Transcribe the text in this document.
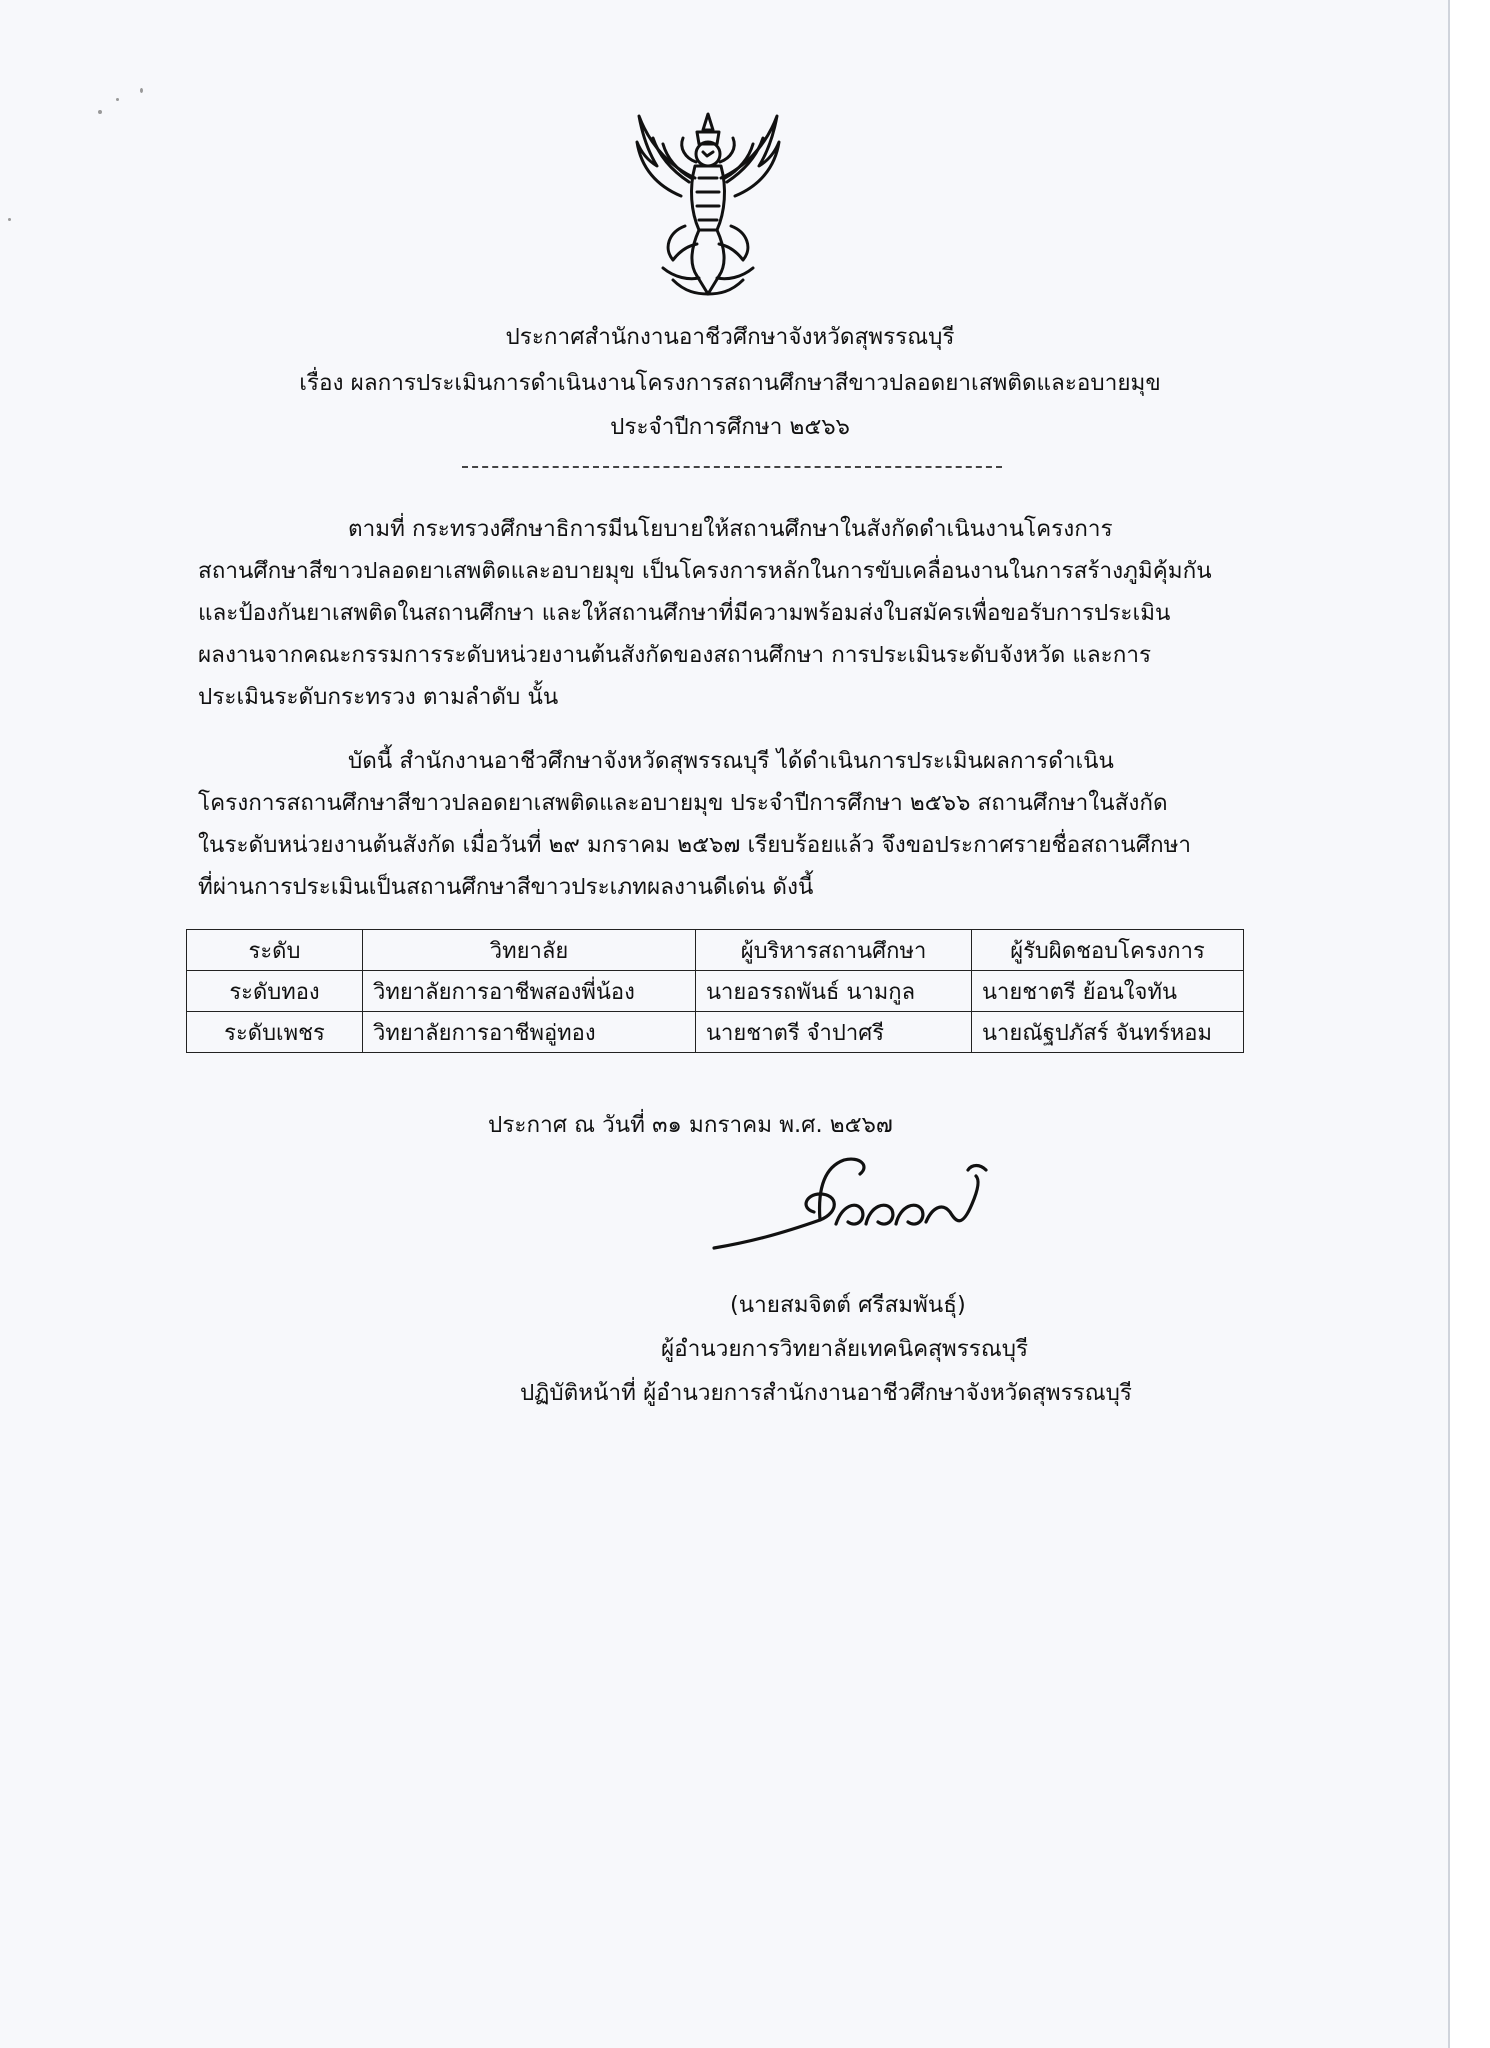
ประกาศสำนักงานอาชีวศึกษาจังหวัดสุพรรณบุรี
เรื่อง ผลการประเมินการดำเนินงานโครงการสถานศึกษาสีขาวปลอดยาเสพติดและอบายมุข
ประจำปีการศึกษา ๒๕๖๖
ตามที่ กระทรวงศึกษาธิการมีนโยบายให้สถานศึกษาในสังกัดดำเนินงานโครงการ
สถานศึกษาสีขาวปลอดยาเสพติดและอบายมุข เป็นโครงการหลักในการขับเคลื่อนงานในการสร้างภูมิคุ้มกัน
และป้องกันยาเสพติดในสถานศึกษา และให้สถานศึกษาที่มีความพร้อมส่งใบสมัครเพื่อขอรับการประเมิน
ผลงานจากคณะกรรมการระดับหน่วยงานต้นสังกัดของสถานศึกษา การประเมินระดับจังหวัด และการ
ประเมินระดับกระทรวง ตามลำดับ นั้น
บัดนี้ สำนักงานอาชีวศึกษาจังหวัดสุพรรณบุรี ได้ดำเนินการประเมินผลการดำเนิน
โครงการสถานศึกษาสีขาวปลอดยาเสพติดและอบายมุข ประจำปีการศึกษา ๒๕๖๖ สถานศึกษาในสังกัด
ในระดับหน่วยงานต้นสังกัด เมื่อวันที่ ๒๙ มกราคม ๒๕๖๗ เรียบร้อยแล้ว จึงขอประกาศรายชื่อสถานศึกษา
ที่ผ่านการประเมินเป็นสถานศึกษาสีขาวประเภทผลงานดีเด่น ดังนี้
ระดับ	วิทยาลัย	ผู้บริหารสถานศึกษา	ผู้รับผิดชอบโครงการ
ระดับทอง	วิทยาลัยการอาชีพสองพี่น้อง	นายอรรถพันธ์ นามกูล	นายชาตรี ย้อนใจทัน
ระดับเพชร	วิทยาลัยการอาชีพอู่ทอง	นายชาตรี จำปาศรี	นายณัฐปภัสร์ จันทร์หอม
ประกาศ ณ วันที่ ๓๑ มกราคม พ.ศ. ๒๕๖๗
(นายสมจิตต์ ศรีสมพันธุ์)
ผู้อำนวยการวิทยาลัยเทคนิคสุพรรณบุรี
ปฏิบัติหน้าที่ ผู้อำนวยการสำนักงานอาชีวศึกษาจังหวัดสุพรรณบุรี
